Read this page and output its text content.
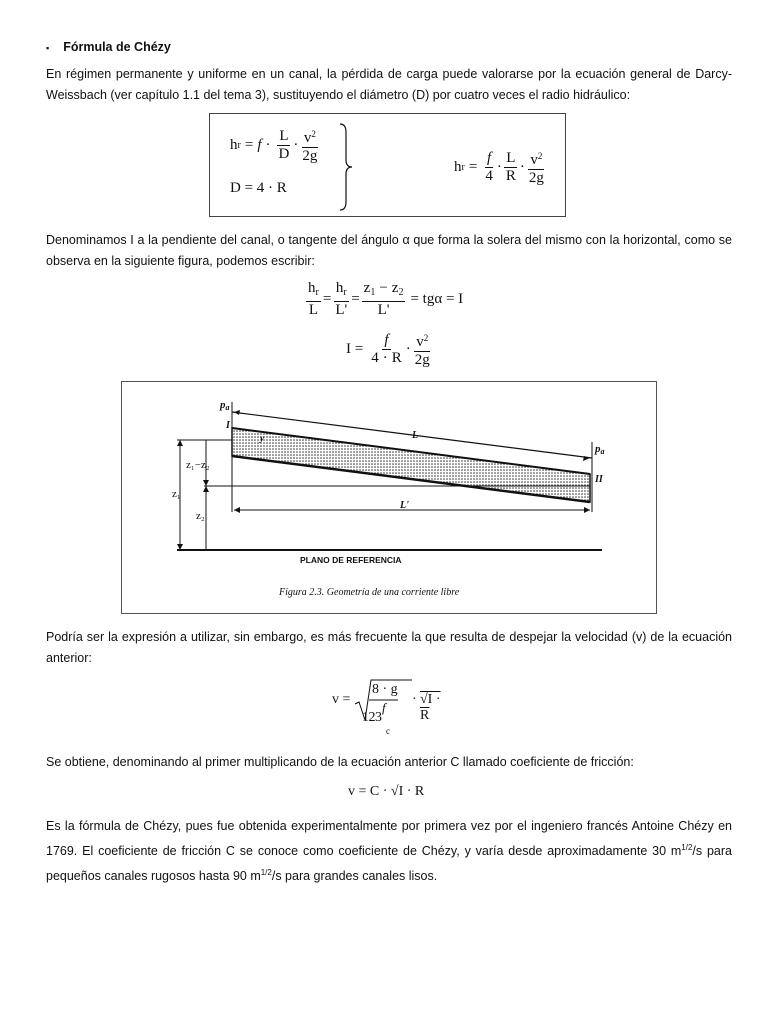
▪ Fórmula de Chézy
En régimen permanente y uniforme en un canal, la pérdida de carga puede valorarse por la ecuación general de Darcy-Weissbach (ver capítulo 1.1 del tema 3), sustituyendo el diámetro (D) por cuatro veces el radio hidráulico:
h $r = f \cdot \frac{L}{D} \cdot \frac{v^2}{2g}$
D = 4 · R
h $r = \frac{f}{4} \cdot \frac{L}{R} \cdot \frac{v^2}{2g}$
Denominamos I a la pendiente del canal, o tangente del ángulo α que forma la solera del mismo con la horizontal, como se observa en la siguiente figura, podemos escribir:
$\frac{h_r}{L} = \frac{h_r}{L'} = \frac{z_1 - z_2}{L'} = tg\alpha = I$
$I = \frac{f}{4 \cdot R} \cdot \frac{v^2}{2g}$
pa
pa
I
II
y	L
L'
z₁−z₂
z₁
z₂
PLANO DE REFERENCIA
Figura 2.3. Geometría de una corriente libre
Podría ser la expresión a utilizar, sin embargo, es más frecuente la que resulta de despejar la velocidad (v) de la ecuación anterior:
v =
8 · g
f
1 2 3
c
· √I · R
Se obtiene, denominando al primer multiplicando de la ecuación anterior C llamado coeficiente de fricción:
v = C · √I · R
Es la fórmula de Chézy, pues fue obtenida experimentalmente por primera vez por el ingeniero francés Antoine Chézy en 1769. El coeficiente de fricción C se conoce como coeficiente de Chézy, y varía desde aproximadamente 30 $m^{1/2}/s$ para pequeños canales rugosos hasta 90 $m^{1/2}/s$ para grandes canales lisos.
